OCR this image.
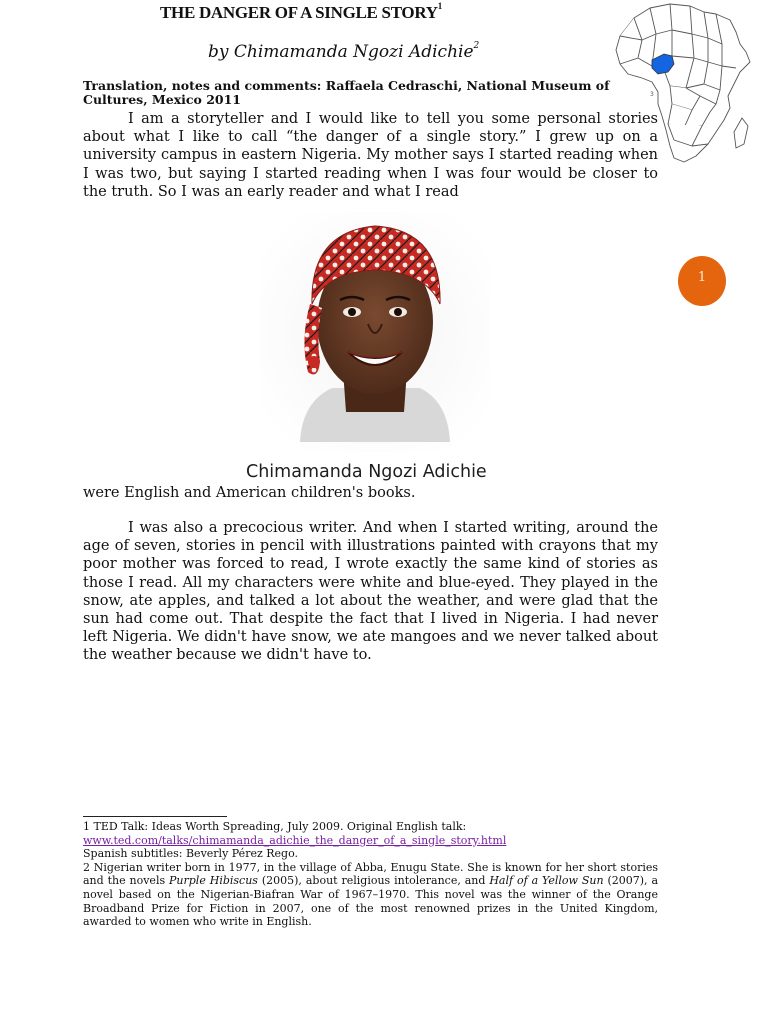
THE DANGER OF A SINGLE STORY$^1$
by Chimamanda Ngozi Adichie$^2$
Translation, notes and comments: Raffaela Cedraschi, National Museum of Cultures, Mexico 2011	3
I am a storyteller and I would like to tell you some personal stories about what I like to call “the danger of a single story.” I grew up on a university campus in eastern Nigeria. My mother says I started reading when I was two, but saying I started reading when I was four would be closer to the truth. So I was an early reader and what I read
Chimamanda Ngozi Adichie
were English and American children's books.
I was also a precocious writer. And when I started writing, around the age of seven, stories in pencil with illustrations painted with crayons that my poor mother was forced to read, I wrote exactly the same kind of stories as those I read. All my characters were white and blue-eyed. They played in the snow, ate apples, and talked a lot about the weather, and were glad that the sun had come out. That despite the fact that I lived in Nigeria. I had never left Nigeria. We didn't have snow, we ate mangoes and we never talked about the weather because we didn't have to.
1
1 TED Talk: Ideas Worth Spreading, July 2009. Original English talk:
www.ted.com/talks/chimamanda_adichie_the_danger_of_a_single_story.html
Spanish subtitles: Beverly Pérez Rego.
2 Nigerian writer born in 1977, in the village of Abba, Enugu State. She is known for her short stories and the novels Purple Hibiscus (2005), about religious intolerance, and Half of a Yellow Sun (2007), a novel based on the Nigerian-Biafran War of 1967–1970. This novel was the winner of the Orange Broadband Prize for Fiction in 2007, one of the most renowned prizes in the United Kingdom, awarded to women who write in English.
